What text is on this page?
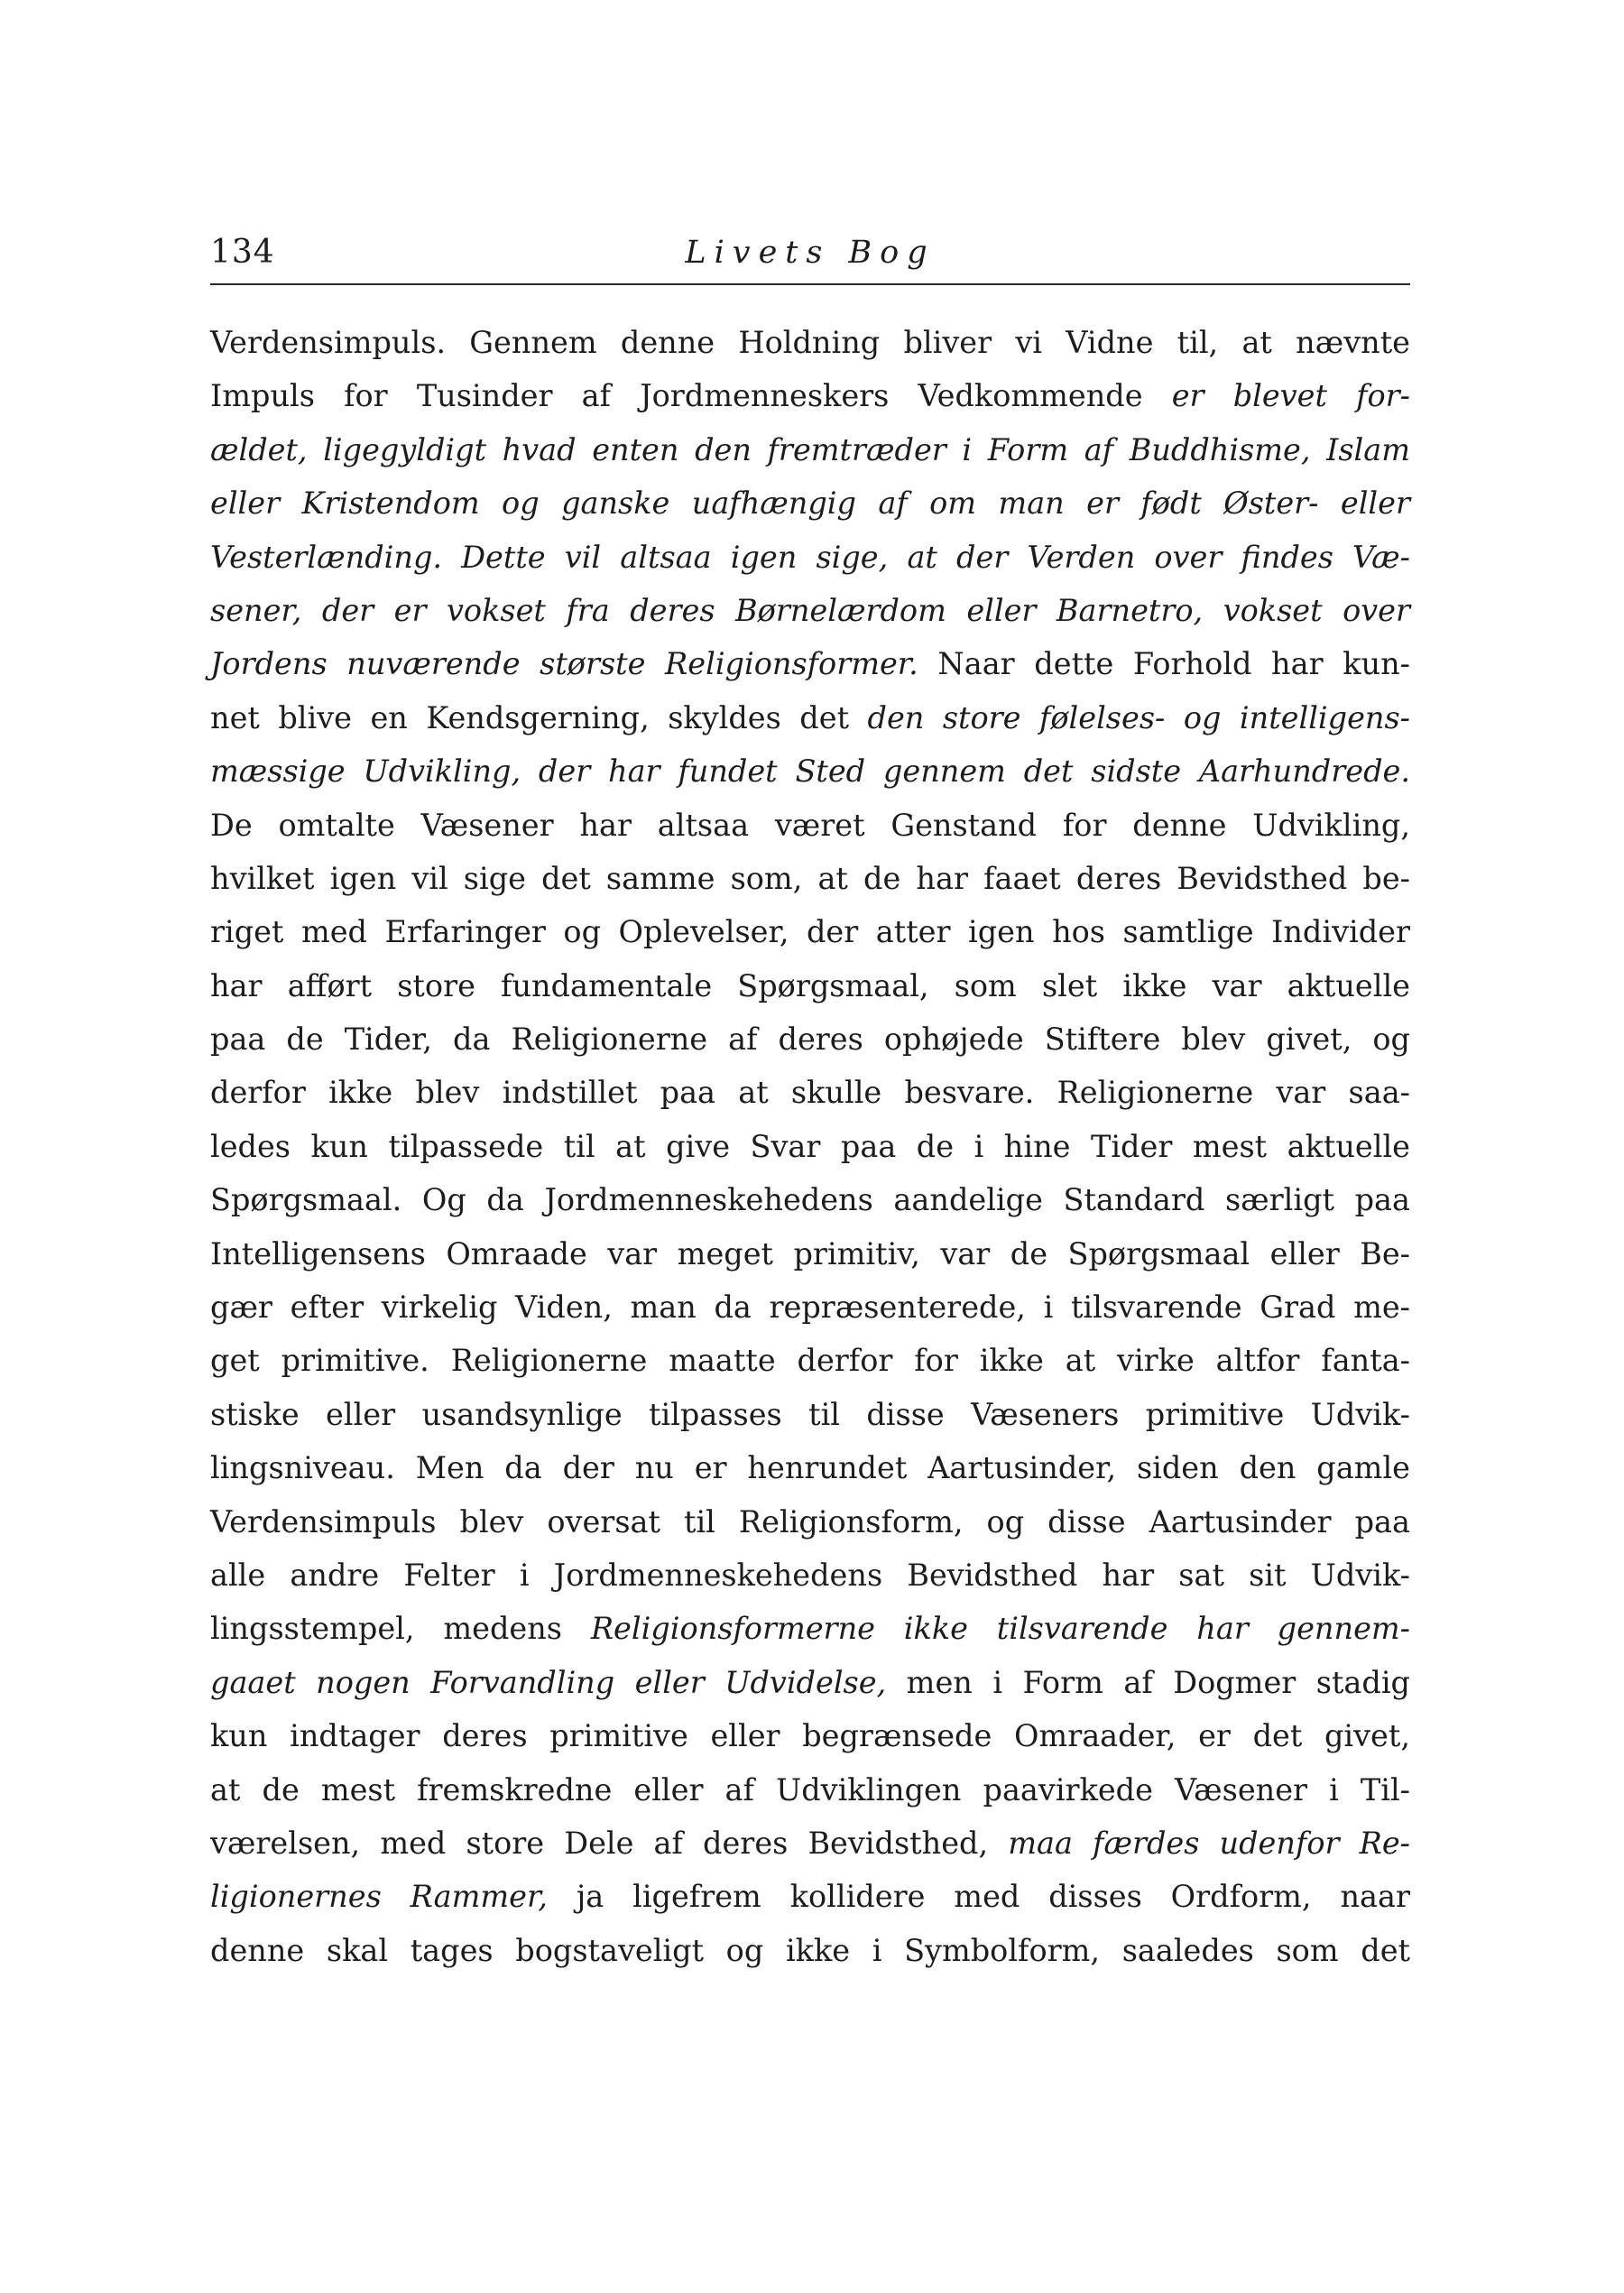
134	Livets Bog
Verdensimpuls. Gennem denne Holdning bliver vi Vidne til, at nævnte
Impuls for Tusinder af Jordmenneskers Vedkommende er blevet for-
ældet, ligegyldigt hvad enten den fremtræder i Form af Buddhisme, Islam
eller Kristendom og ganske uafhængig af om man er født Øster- eller
Vesterlænding. Dette vil altsaa igen sige, at der Verden over findes Væ-
sener, der er vokset fra deres Børnelærdom eller Barnetro, vokset over
Jordens nuværende største Religionsformer. Naar dette Forhold har kun-
net blive en Kendsgerning, skyldes det den store følelses- og intelligens-
mæssige Udvikling, der har fundet Sted gennem det sidste Aarhundrede.
De omtalte Væsener har altsaa været Genstand for denne Udvikling,
hvilket igen vil sige det samme som, at de har faaet deres Bevidsthed be-
riget med Erfaringer og Oplevelser, der atter igen hos samtlige Individer
har afført store fundamentale Spørgsmaal, som slet ikke var aktuelle
paa de Tider, da Religionerne af deres ophøjede Stiftere blev givet, og
derfor ikke blev indstillet paa at skulle besvare. Religionerne var saa-
ledes kun tilpassede til at give Svar paa de i hine Tider mest aktuelle
Spørgsmaal. Og da Jordmenneskehedens aandelige Standard særligt paa
Intelligensens Omraade var meget primitiv, var de Spørgsmaal eller Be-
gær efter virkelig Viden, man da repræsenterede, i tilsvarende Grad me-
get primitive. Religionerne maatte derfor for ikke at virke altfor fanta-
stiske eller usandsynlige tilpasses til disse Væseners primitive Udvik-
lingsniveau. Men da der nu er henrundet Aartusinder, siden den gamle
Verdensimpuls blev oversat til Religionsform, og disse Aartusinder paa
alle andre Felter i Jordmenneskehedens Bevidsthed har sat sit Udvik-
lingsstempel, medens Religionsformerne ikke tilsvarende har gennem-
gaaet nogen Forvandling eller Udvidelse, men i Form af Dogmer stadig
kun indtager deres primitive eller begrænsede Omraader, er det givet,
at de mest fremskredne eller af Udviklingen paavirkede Væsener i Til-
værelsen, med store Dele af deres Bevidsthed, maa færdes udenfor Re-
ligionernes Rammer, ja ligefrem kollidere med disses Ordform, naar
denne skal tages bogstaveligt og ikke i Symbolform, saaledes som det
